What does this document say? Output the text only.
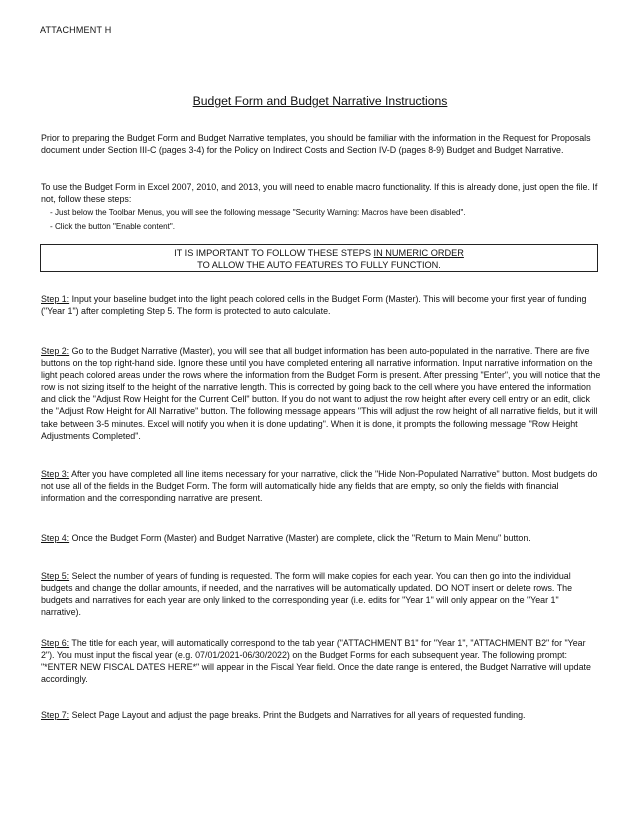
ATTACHMENT H
Budget Form and Budget Narrative Instructions

Prior to preparing the Budget Form and Budget Narrative templates, you should be familiar with the information in the Request for Proposals document under Section III-C (pages 3-4) for the Policy on Indirect Costs and Section IV-D (pages 8-9) Budget and Budget Narrative.

To use the Budget Form in Excel 2007, 2010, and 2013, you will need to enable macro functionality. If this is already done, just open the file. If not, follow these steps:

- Just below the Toolbar Menus, you will see the following message "Security Warning: Macros have been disabled".

- Click the button "Enable content".

IT IS IMPORTANT TO FOLLOW THESE STEPS IN NUMERIC ORDER
TO ALLOW THE AUTO FEATURES TO FULLY FUNCTION.

Step 1: Input your baseline budget into the light peach colored cells in the Budget Form (Master). This will become your first year of funding ("Year 1") after completing Step 5. The form is protected to auto calculate.

Step 2: Go to the Budget Narrative (Master), you will see that all budget information has been auto-populated in the narrative. There are five buttons on the top right-hand side. Ignore these until you have completed entering all narrative information. Input narrative information on the light peach colored areas under the rows where the information from the Budget Form is present. After pressing "Enter", you will notice that the row is not sizing itself to the height of the narrative length. This is corrected by going back to the cell where you have entered the information and click the "Adjust Row Height for the Current Cell" button. If you do not want to adjust the row height after every cell entry or an edit, click the "Adjust Row Height for All Narrative" button. The following message appears "This will adjust the row height of all narrative fields, but it will take between 3-5 minutes. Excel will notify you when it is done updating". When it is done, it prompts the following message "Row Height Adjustments Completed".

Step 3: After you have completed all line items necessary for your narrative, click the "Hide Non-Populated Narrative" button. Most budgets do not use all of the fields in the Budget Form. The form will automatically hide any fields that are empty, so only the fields with financial information and the corresponding narrative are present.

Step 4: Once the Budget Form (Master) and Budget Narrative (Master) are complete, click the "Return to Main Menu" button.

Step 5: Select the number of years of funding is requested. The form will make copies for each year. You can then go into the individual budgets and change the dollar amounts, if needed, and the narratives will be automatically updated. DO NOT insert or delete rows. The budgets and narratives for each year are only linked to the corresponding year (i.e. edits for "Year 1" will only appear on the "Year 1" narrative).

Step 6: The title for each year, will automatically correspond to the tab year ("ATTACHMENT B1" for "Year 1", "ATTACHMENT B2" for "Year 2"). You must input the fiscal year (e.g. 07/01/2021-06/30/2022) on the Budget Forms for each subsequent year. The following prompt: "*ENTER NEW FISCAL DATES HERE*" will appear in the Fiscal Year field. Once the date range is entered, the Budget Narrative will update accordingly.

Step 7: Select Page Layout and adjust the page breaks. Print the Budgets and Narratives for all years of requested funding.
